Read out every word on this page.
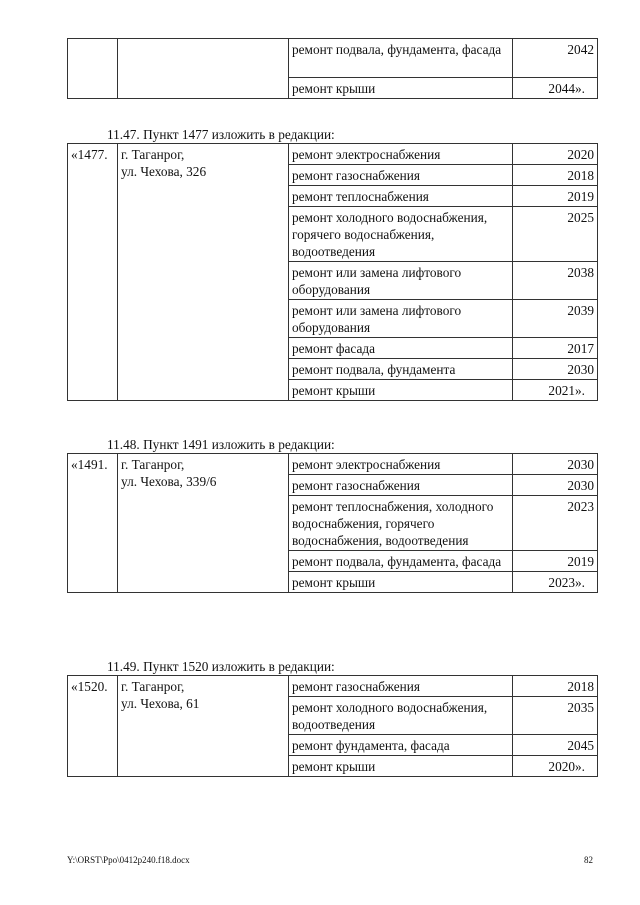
		ремонт подвала, фундамента, фасада	2042
		ремонт крыши	2044».
11.47. Пункт 1477 изложить в редакции:
«1477.	г. Таганрог,
ул. Чехова, 326	ремонт электроснабжения	2020
		ремонт газоснабжения	2018
		ремонт теплоснабжения	2019
		ремонт холодного водоснабжения, горячего водоснабжения, водоотведения	2025
		ремонт или замена лифтового оборудования	2038
		ремонт или замена лифтового оборудования	2039
		ремонт фасада	2017
		ремонт подвала, фундамента	2030
		ремонт крыши	2021».
11.48. Пункт 1491 изложить в редакции:
«1491.	г. Таганрог,
ул. Чехова, 339/6	ремонт электроснабжения	2030
		ремонт газоснабжения	2030
		ремонт теплоснабжения, холодного водоснабжения, горячего водоснабжения, водоотведения	2023
		ремонт подвала, фундамента, фасада	2019
		ремонт крыши	2023».
11.49. Пункт 1520 изложить в редакции:
«1520.	г. Таганрог,
ул. Чехова, 61	ремонт газоснабжения	2018
		ремонт холодного водоснабжения, водоотведения	2035
		ремонт фундамента, фасада	2045
		ремонт крыши	2020».
Y:\ORST\Ppo\0412p240.f18.docx	82
